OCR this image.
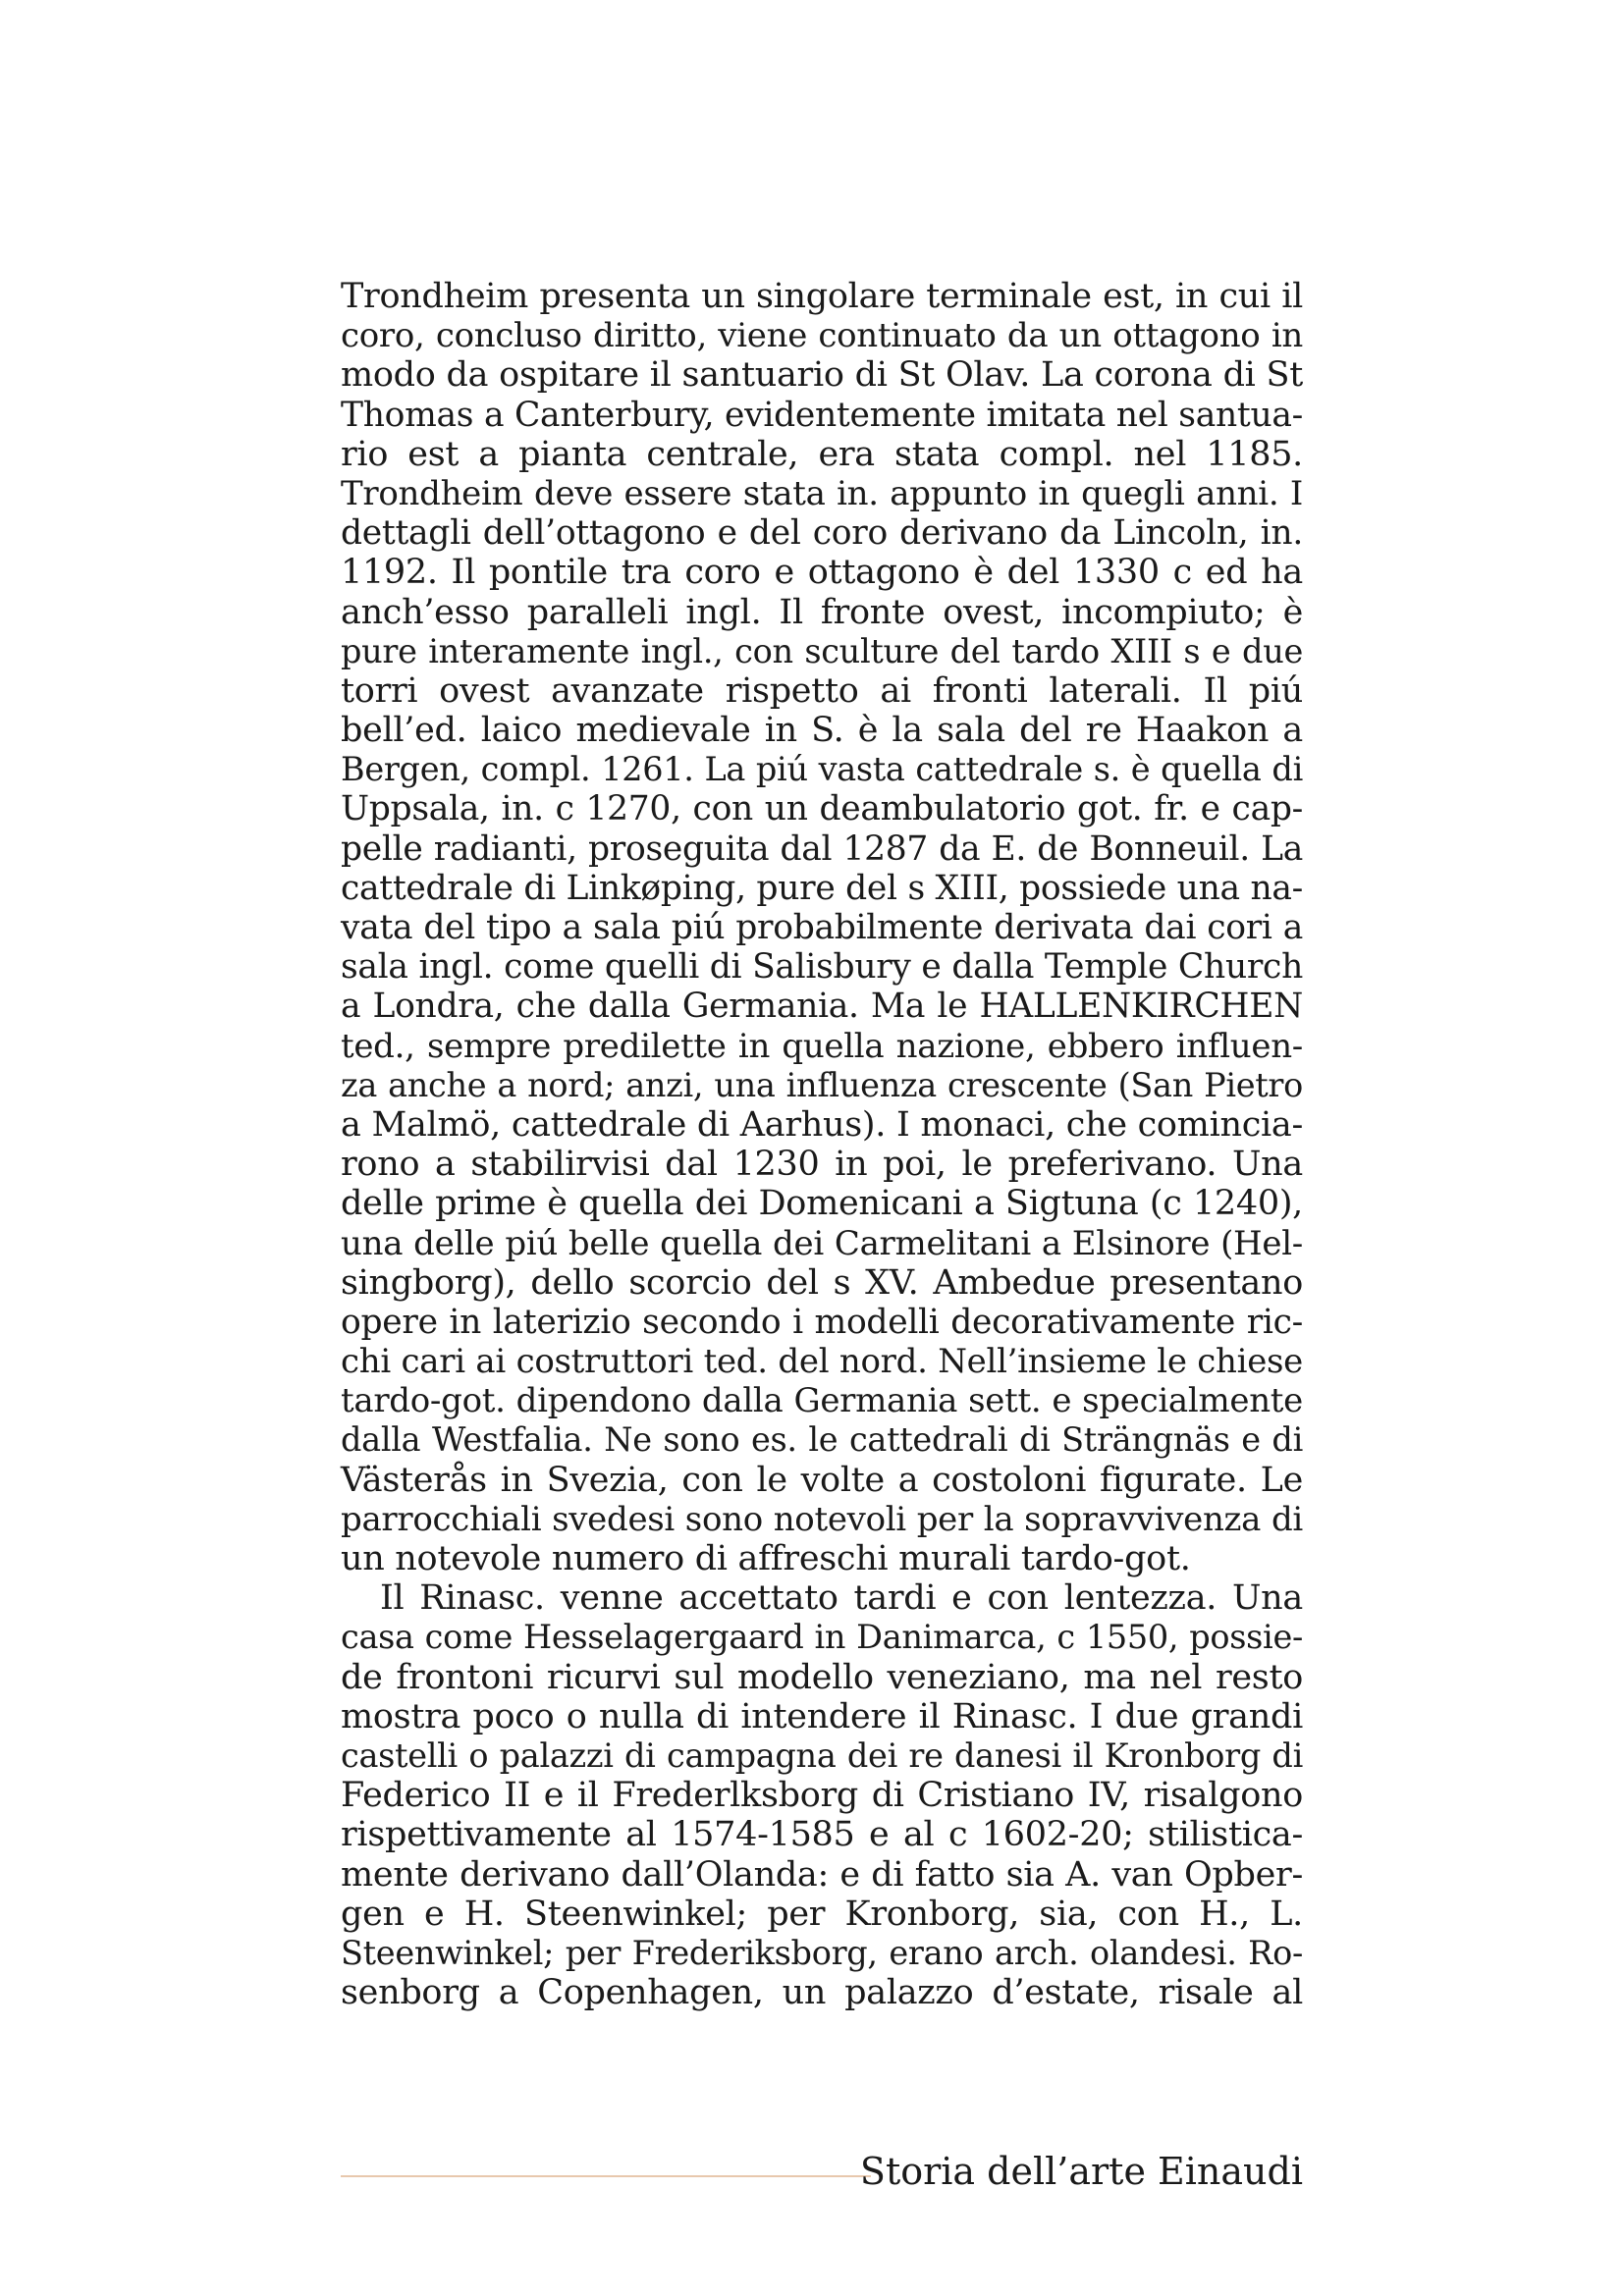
Trondheim presenta un singolare terminale est, in cui il
coro, concluso diritto, viene continuato da un ottagono in
modo da ospitare il santuario di St Olav. La corona di St
Thomas a Canterbury, evidentemente imitata nel santua-
rio est a pianta centrale, era stata compl. nel 1185.
Trondheim deve essere stata in. appunto in quegli anni. I
dettagli dell’ottagono e del coro derivano da Lincoln, in.
1192. Il pontile tra coro e ottagono è del 1330 c ed ha
anch’esso paralleli ingl. Il fronte ovest, incompiuto; è
pure interamente ingl., con sculture del tardo XIII s e due
torri ovest avanzate rispetto ai fronti laterali. Il piú
bell’ed. laico medievale in S. è la sala del re Haakon a
Bergen, compl. 1261. La piú vasta cattedrale s. è quella di
Uppsala, in. c 1270, con un deambulatorio got. fr. e cap-
pelle radianti, proseguita dal 1287 da E. de Bonneuil. La
cattedrale di Linkøping, pure del s XIII, possiede una na-
vata del tipo a sala piú probabilmente derivata dai cori a
sala ingl. come quelli di Salisbury e dalla Temple Church
a Londra, che dalla Germania. Ma le HALLENKIRCHEN
ted., sempre predilette in quella nazione, ebbero influen-
za anche a nord; anzi, una influenza crescente (San Pietro
a Malmö, cattedrale di Aarhus). I monaci, che comincia-
rono a stabilirvisi dal 1230 in poi, le preferivano. Una
delle prime è quella dei Domenicani a Sigtuna (c 1240),
una delle piú belle quella dei Carmelitani a Elsinore (Hel-
singborg), dello scorcio del s XV. Ambedue presentano
opere in laterizio secondo i modelli decorativamente ric-
chi cari ai costruttori ted. del nord. Nell’insieme le chiese
tardo-got. dipendono dalla Germania sett. e specialmente
dalla Westfalia. Ne sono es. le cattedrali di Strängnäs e di
Västerås in Svezia, con le volte a costoloni figurate. Le
parrocchiali svedesi sono notevoli per la sopravvivenza di
un notevole numero di affreschi murali tardo-got.
Il Rinasc. venne accettato tardi e con lentezza. Una
casa come Hesselagergaard in Danimarca, c 1550, possie-
de frontoni ricurvi sul modello veneziano, ma nel resto
mostra poco o nulla di intendere il Rinasc. I due grandi
castelli o palazzi di campagna dei re danesi il Kronborg di
Federico II e il Frederlksborg di Cristiano IV, risalgono
rispettivamente al 1574-1585 e al c 1602-20; stilistica-
mente derivano dall’Olanda: e di fatto sia A. van Opber-
gen e H. Steenwinkel; per Kronborg, sia, con H., L.
Steenwinkel; per Frederiksborg, erano arch. olandesi. Ro-
senborg a Copenhagen, un palazzo d’estate, risale al
Storia dell’arte Einaudi
